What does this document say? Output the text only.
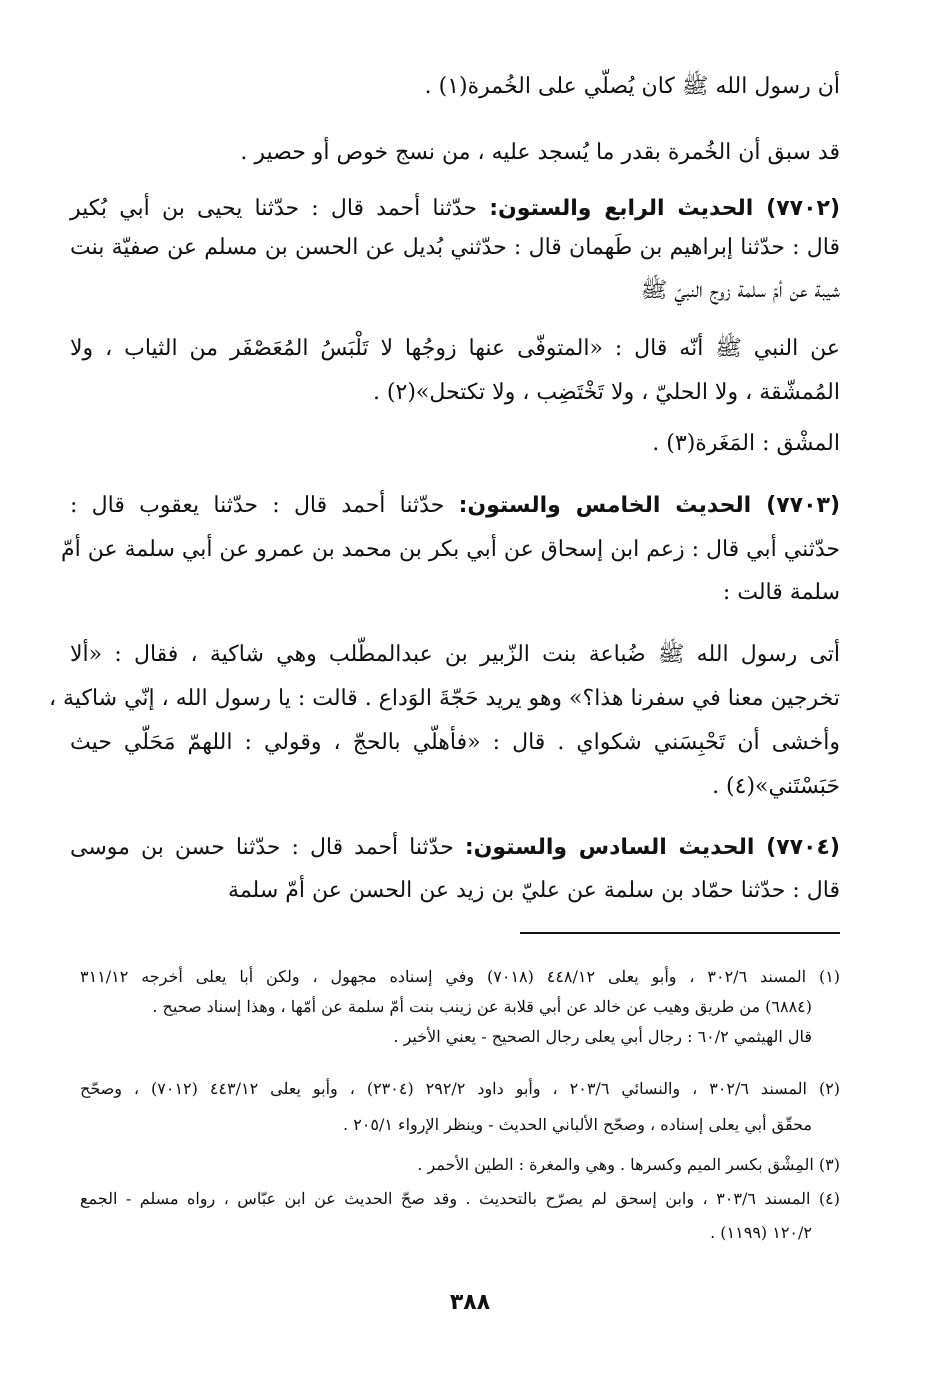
أن رسول الله ﷺ كان يُصلّي على الخُمرة(١) .
قد سبق أن الخُمرة بقدر ما يُسجد عليه ، من نسج خوص أو حصير .
(٧٧٠٢) الحديث الرابع والستون: حدّثنا أحمد قال : حدّثنا يحيى بن أبي بُكير
قال : حدّثنا إبراهيم بن طَهمان قال : حدّثني بُديل عن الحسن بن مسلم عن صفيّة بنت
شيبة عن أمّ سلمة زوج النبيّ ﷺ
عن النبي ﷺ أنّه قال : «المتوفّى عنها زوجُها لا تَلْبَسُ المُعَصْفَر من الثياب ، ولا
المُمشّقة ، ولا الحليّ ، ولا تَخْتَضِب ، ولا تكتحل»(٢) .
المشْق : المَغَرة(٣) .
(٧٧٠٣) الحديث الخامس والستون: حدّثنا أحمد قال : حدّثنا يعقوب قال :
حدّثني أبي قال : زعم ابن إسحاق عن أبي بكر بن محمد بن عمرو عن أبي سلمة عن أمّ
سلمة قالت :
أتى رسول الله ﷺ ضُباعة بنت الزّبير بن عبدالمطّلب وهي شاكية ، فقال : «ألا
تخرجين معنا في سفرنا هذا؟» وهو يريد حَجّةَ الوَداع . قالت : يا رسول الله ، إنّي شاكية ،
وأخشى أن تَحْبِسَني شكواي . قال : «فأهلّي بالحجّ ، وقولي : اللهمّ مَحَلّي حيث
حَبَسْتَني»(٤) .
(٧٧٠٤) الحديث السادس والستون: حدّثنا أحمد قال : حدّثنا حسن بن موسى
قال : حدّثنا حمّاد بن سلمة عن عليّ بن زيد عن الحسن عن أمّ سلمة
(١) المسند ٣٠٢/٦ ، وأبو يعلى ٤٤٨/١٢ (٧٠١٨) وفي إسناده مجهول ، ولكن أبا يعلى أخرجه ٣١١/١٢
(٦٨٨٤) من طريق وهيب عن خالد عن أبي قلابة عن زينب بنت أمّ سلمة عن أمّها ، وهذا إسناد صحيح .
قال الهيثمي ٦٠/٢ : رجال أبي يعلى رجال الصحيح - يعني الأخير .
(٢) المسند ٣٠٢/٦ ، والنسائي ٢٠٣/٦ ، وأبو داود ٢٩٢/٢ (٢٣٠٤) ، وأبو يعلى ٤٤٣/١٢ (٧٠١٢) ، وصحّح
محقّق أبي يعلى إسناده ، وصحّح الألباني الحديث - وينظر الإرواء ٢٠٥/١ .
(٣) المِشْق بكسر الميم وكسرها . وهي والمغرة : الطين الأحمر .
(٤) المسند ٣٠٣/٦ ، وابن إسحق لم يصرّح بالتحديث . وقد صحّ الحديث عن ابن عبّاس ، رواه مسلم - الجمع
١٢٠/٢ (١١٩٩) .
٣٨٨
